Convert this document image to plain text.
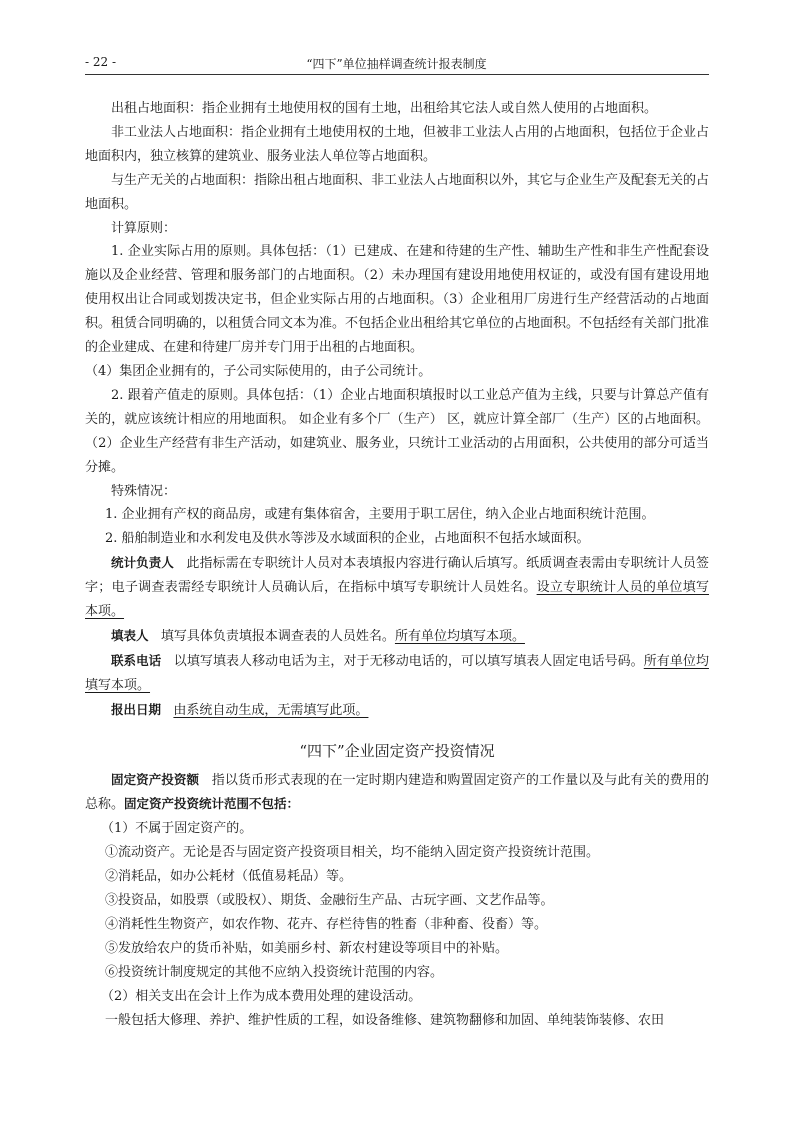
- 22 -	“四下”单位抽样调查统计报表制度

出租占地面积：指企业拥有土地使用权的国有土地，出租给其它法人或自然人使用的占地面积。

非工业法人占地面积：指企业拥有土地使用权的土地，但被非工业法人占用的占地面积，包括位于企业占地面积内，独立核算的建筑业、服务业法人单位等占地面积。

与生产无关的占地面积：指除出租占地面积、非工业法人占地面积以外，其它与企业生产及配套无关的占地面积。

计算原则：

1. 企业实际占用的原则。具体包括：（1）已建成、在建和待建的生产性、辅助生产性和非生产性配套设施以及企业经营、管理和服务部门的占地面积。（2）未办理国有建设用地使用权证的，或没有国有建设用地使用权出让合同或划拨决定书，但企业实际占用的占地面积。（3）企业租用厂房进行生产经营活动的占地面积。租赁合同明确的，以租赁合同文本为准。不包括企业出租给其它单位的占地面积。不包括经有关部门批准的企业建成、在建和待建厂房并专门用于出租的占地面积。

（4）集团企业拥有的，子公司实际使用的，由子公司统计。

2. 跟着产值走的原则。具体包括：（1）企业占地面积填报时以工业总产值为主线，只要与计算总产值有关的，就应该统计相应的用地面积。 如企业有多个厂（生产） 区，就应计算全部厂（生产）区的占地面积。（2）企业生产经营有非生产活动，如建筑业、服务业，只统计工业活动的占用面积，公共使用的部分可适当分摊。

特殊情况：

1. 企业拥有产权的商品房，或建有集体宿舍，主要用于职工居住，纳入企业占地面积统计范围。

2. 船舶制造业和水利发电及供水等涉及水域面积的企业，占地面积不包括水域面积。

统计负责人 此指标需在专职统计人员对本表填报内容进行确认后填写。纸质调查表需由专职统计人员签字；电子调查表需经专职统计人员确认后，在指标中填写专职统计人员姓名。设立专职统计人员的单位填写本项。

填表人 填写具体负责填报本调查表的人员姓名。所有单位均填写本项。

联系电话 以填写填表人移动电话为主，对于无移动电话的，可以填写填表人固定电话号码。所有单位均填写本项。

报出日期 由系统自动生成，无需填写此项。

“四下”企业固定资产投资情况

固定资产投资额 指以货币形式表现的在一定时期内建造和购置固定资产的工作量以及与此有关的费用的总称。固定资产投资统计范围不包括：

（1）不属于固定资产的。

①流动资产。无论是否与固定资产投资项目相关，均不能纳入固定资产投资统计范围。

②消耗品，如办公耗材（低值易耗品）等。

③投资品，如股票（或股权）、期货、金融衍生产品、古玩字画、文艺作品等。

④消耗性生物资产，如农作物、花卉、存栏待售的牲畜（非种畜、役畜）等。

⑤发放给农户的货币补贴，如美丽乡村、新农村建设等项目中的补贴。

⑥投资统计制度规定的其他不应纳入投资统计范围的内容。

（2）相关支出在会计上作为成本费用处理的建设活动。

一般包括大修理、养护、维护性质的工程，如设备维修、建筑物翻修和加固、单纯装饰装修、农田
